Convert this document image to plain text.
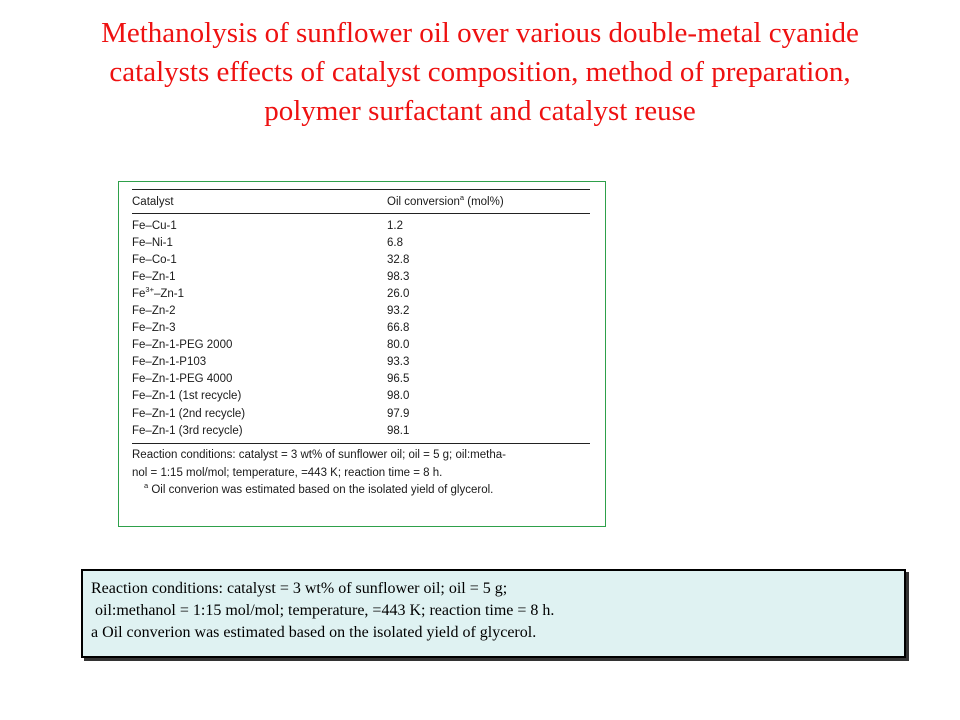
Methanolysis of sunflower oil over various double-metal cyanide
catalysts effects of catalyst composition, method of preparation,
polymer surfactant and catalyst reuse
Catalyst	Oil conversion$^a$ (mol%)
Fe–Cu-1	1.2
Fe–Ni-1	6.8
Fe–Co-1	32.8
Fe–Zn-1	98.3
$Fe^{3+}-Zn-1$	26.0
Fe–Zn-2	93.2
Fe–Zn-3	66.8
Fe–Zn-1-PEG 2000	80.0
Fe–Zn-1-P103	93.3
Fe–Zn-1-PEG 4000	96.5
Fe–Zn-1 (1st recycle)	98.0
Fe–Zn-1 (2nd recycle)	97.9
Fe–Zn-1 (3rd recycle)	98.1
Reaction conditions: catalyst = 3 wt% of sunflower oil; oil = 5 g; oil:metha-
nol = 1:15 mol/mol; temperature, =443 K; reaction time = 8 h.
$^a$ Oil converion was estimated based on the isolated yield of glycerol.
Reaction conditions: catalyst = 3 wt% of sunflower oil; oil = 5 g;
oil:methanol = 1:15 mol/mol; temperature, =443 K; reaction time = 8 h.
a Oil converion was estimated based on the isolated yield of glycerol.
